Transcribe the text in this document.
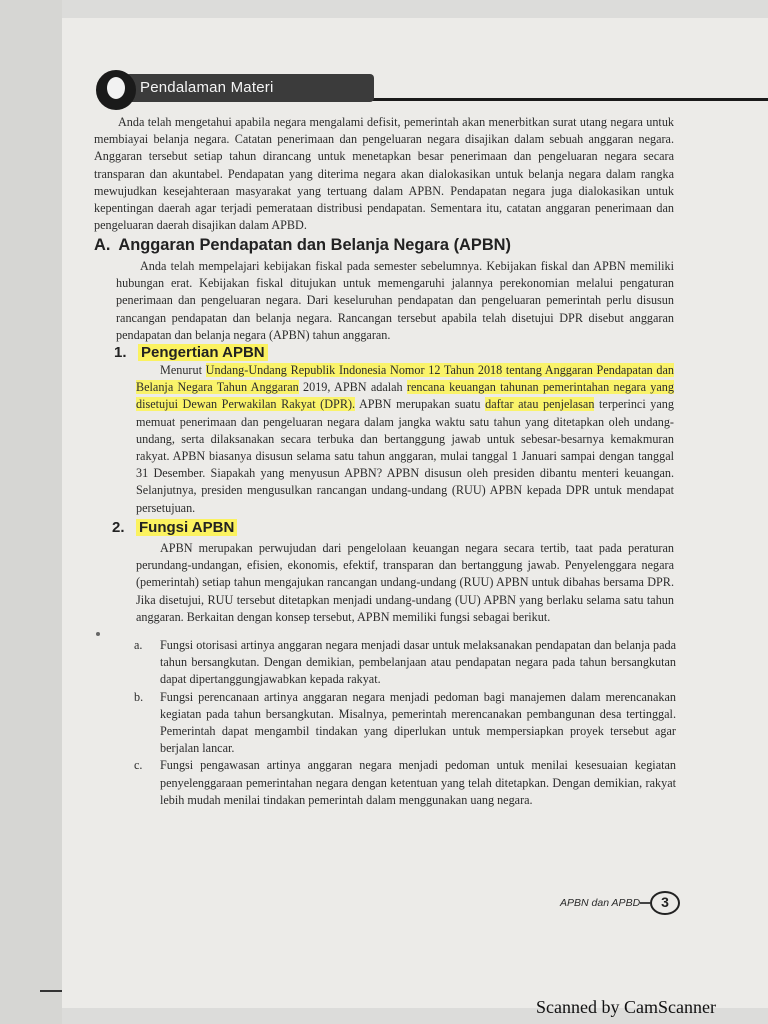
Pendalaman Materi

Anda telah mengetahui apabila negara mengalami defisit, pemerintah akan menerbitkan surat utang negara untuk membiayai belanja negara. Catatan penerimaan dan pengeluaran negara disajikan dalam sebuah anggaran negara. Anggaran tersebut setiap tahun dirancang untuk menetapkan besar penerimaan dan pengeluaran negara secara transparan dan akuntabel. Pendapatan yang diterima negara akan dialokasikan untuk belanja negara dalam rangka mewujudkan kesejahteraan masyarakat yang tertuang dalam APBN. Pendapatan negara juga dialokasikan untuk kepentingan daerah agar terjadi pemerataan distribusi pendapatan. Sementara itu, catatan anggaran penerimaan dan pengeluaran daerah disajikan dalam APBD.

A. Anggaran Pendapatan dan Belanja Negara (APBN)

Anda telah mempelajari kebijakan fiskal pada semester sebelumnya. Kebijakan fiskal dan APBN memiliki hubungan erat. Kebijakan fiskal ditujukan untuk memengaruhi jalannya perekonomian melalui pengaturan penerimaan dan pengeluaran negara. Dari keseluruhan pendapatan dan pengeluaran pemerintah perlu disusun rancangan pendapatan dan belanja negara. Rancangan tersebut apabila telah disetujui DPR disebut anggaran pendapatan dan belanja negara (APBN) tahun anggaran.

1. Pengertian APBN

Menurut Undang-Undang Republik Indonesia Nomor 12 Tahun 2018 tentang Anggaran Pendapatan dan Belanja Negara Tahun Anggaran 2019, APBN adalah rencana keuangan tahunan pemerintahan negara yang disetujui Dewan Perwakilan Rakyat (DPR). APBN merupakan suatu daftar atau penjelasan terperinci yang memuat penerimaan dan pengeluaran negara dalam jangka waktu satu tahun yang ditetapkan oleh undang-undang, serta dilaksanakan secara terbuka dan bertanggung jawab untuk sebesar-besarnya kemakmuran rakyat. APBN biasanya disusun selama satu tahun anggaran, mulai tanggal 1 Januari sampai dengan tanggal 31 Desember. Siapakah yang menyusun APBN? APBN disusun oleh presiden dibantu menteri keuangan. Selanjutnya, presiden mengusulkan rancangan undang-undang (RUU) APBN kepada DPR untuk mendapat persetujuan.

2. Fungsi APBN

APBN merupakan perwujudan dari pengelolaan keuangan negara secara tertib, taat pada peraturan perundang-undangan, efisien, ekonomis, efektif, transparan dan bertanggung jawab. Penyelenggara negara (pemerintah) setiap tahun mengajukan rancangan undang-undang (RUU) APBN untuk dibahas bersama DPR. Jika disetujui, RUU tersebut ditetapkan menjadi undang-undang (UU) APBN yang berlaku selama satu tahun anggaran. Berkaitan dengan konsep tersebut, APBN memiliki fungsi sebagai berikut.

a. Fungsi otorisasi artinya anggaran negara menjadi dasar untuk melaksanakan pendapatan dan belanja pada tahun bersangkutan. Dengan demikian, pembelanjaan atau pendapatan negara pada tahun bersangkutan dapat dipertanggungjawabkan kepada rakyat.

b. Fungsi perencanaan artinya anggaran negara menjadi pedoman bagi manajemen dalam merencanakan kegiatan pada tahun bersangkutan. Misalnya, pemerintah merencanakan pembangunan desa tertinggal. Pemerintah dapat mengambil tindakan yang diperlukan untuk mempersiapkan proyek tersebut agar berjalan lancar.

c. Fungsi pengawasan artinya anggaran negara menjadi pedoman untuk menilai kesesuaian kegiatan penyelenggaraan pemerintahan negara dengan ketentuan yang telah ditetapkan. Dengan demikian, rakyat lebih mudah menilai tindakan pemerintah dalam menggunakan uang negara.

APBN dan APBD	3
Scanned by CamScanner
